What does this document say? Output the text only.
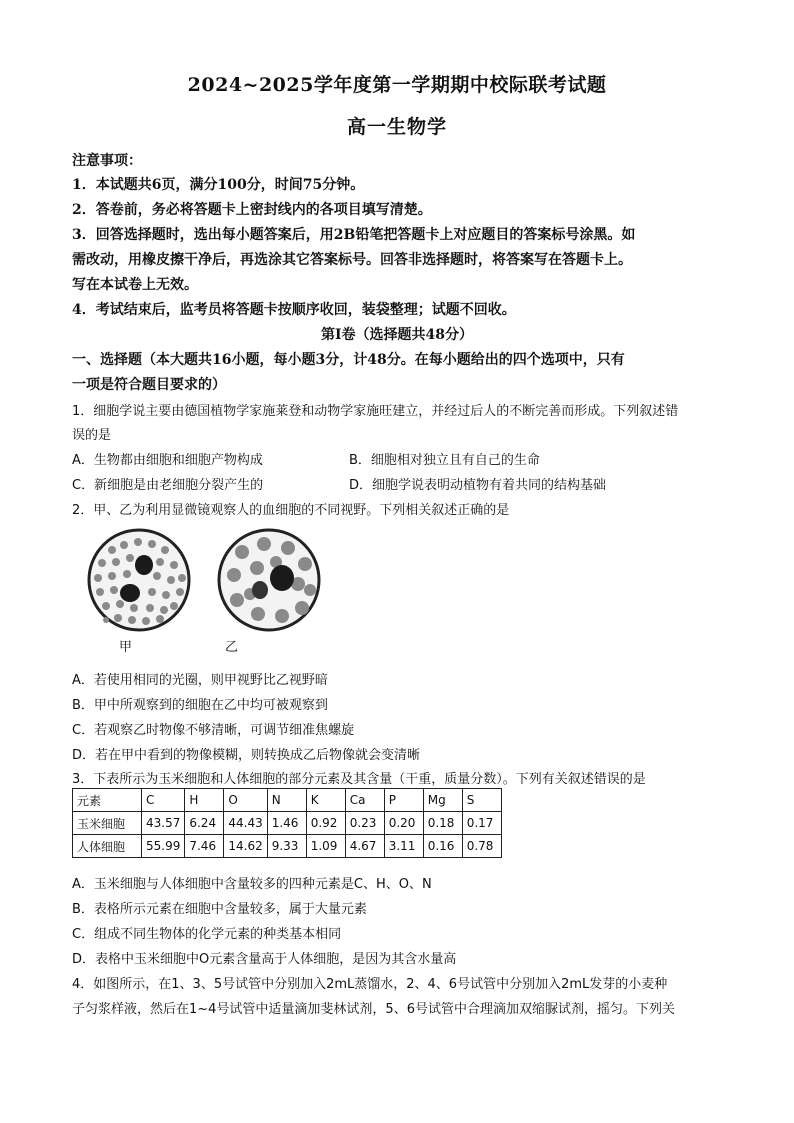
2024~2025学年度第一学期期中校际联考试题
高一生物学
注意事项：
1．本试题共6页，满分100分，时间75分钟。
2．答卷前，务必将答题卡上密封线内的各项目填写清楚。
3．回答选择题时，选出每小题答案后，用2B铅笔把答题卡上对应题目的答案标号涂黑。如
需改动，用橡皮擦干净后，再选涂其它答案标号。回答非选择题时，将答案写在答题卡上。
写在本试卷上无效。
4．考试结束后，监考员将答题卡按顺序收回，装袋整理；试题不回收。
第Ⅰ卷（选择题共48分）
一、选择题（本大题共16小题，每小题3分，计48分。在每小题给出的四个选项中，只有
一项是符合题目要求的）
1．细胞学说主要由德国植物学家施莱登和动物学家施旺建立，并经过后人的不断完善而形成。下列叙述错
误的是
A．生物都由细胞和细胞产物构成	B．细胞相对独立且有自己的生命
C．新细胞是由老细胞分裂产生的	D．细胞学说表明动植物有着共同的结构基础
2．甲、乙为利用显微镜观察人的血细胞的不同视野。下列相关叙述正确的是
甲	乙
A．若使用相同的光圈，则甲视野比乙视野暗
B．甲中所观察到的细胞在乙中均可被观察到
C．若观察乙时物像不够清晰，可调节细准焦螺旋
D．若在甲中看到的物像模糊，则转换成乙后物像就会变清晰
3．下表所示为玉米细胞和人体细胞的部分元素及其含量（干重，质量分数）。下列有关叙述错误的是
元素	C	H	O	N	K	Ca	P	Mg	S
玉米细胞	43.57	6.24	44.43	1.46	0.92	0.23	0.20	0.18	0.17
人体细胞	55.99	7.46	14.62	9.33	1.09	4.67	3.11	0.16	0.78
A．玉米细胞与人体细胞中含量较多的四种元素是C、H、O、N
B．表格所示元素在细胞中含量较多，属于大量元素
C．组成不同生物体的化学元素的种类基本相同
D．表格中玉米细胞中O元素含量高于人体细胞，是因为其含水量高
4．如图所示，在1、3、5号试管中分别加入2mL蒸馏水，2、4、6号试管中分别加入2mL发芽的小麦种
子匀浆样液，然后在1~4号试管中适量滴加斐林试剂，5、6号试管中合理滴加双缩脲试剂，摇匀。下列关
